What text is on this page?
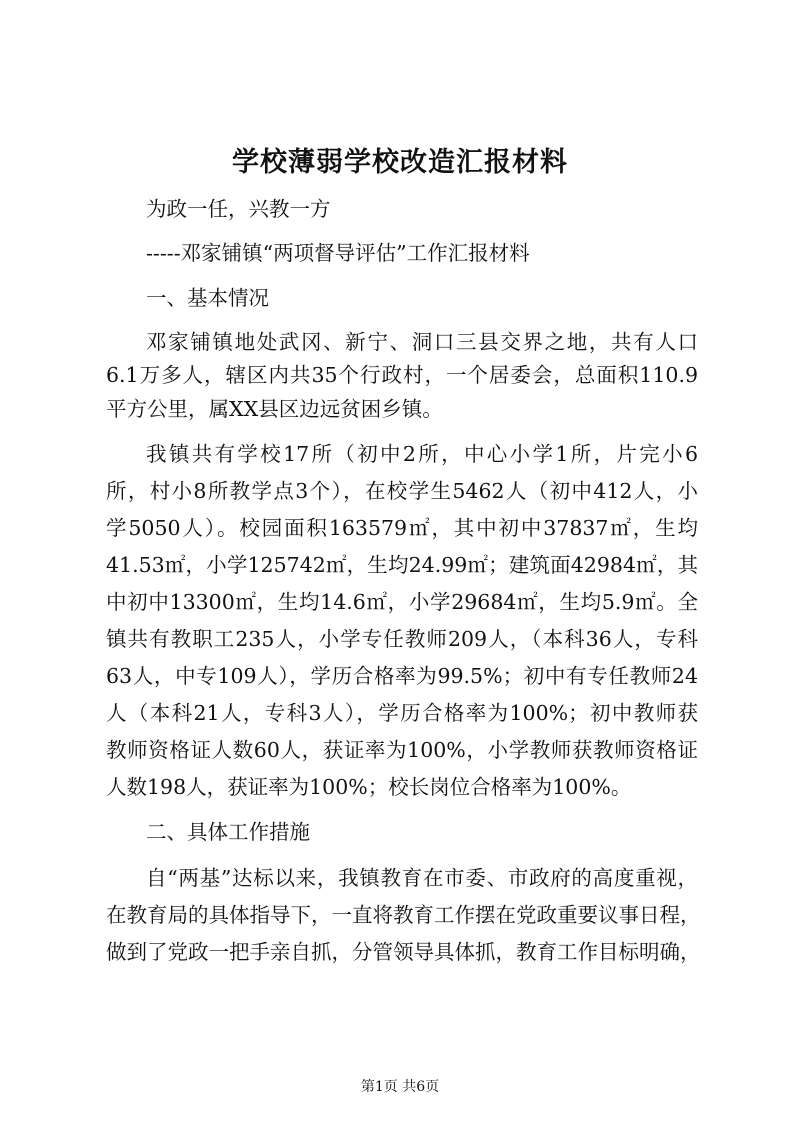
学校薄弱学校改造汇报材料
为政一任，兴教一方
-----邓家铺镇“两项督导评估”工作汇报材料
一、基本情况
邓家铺镇地处武冈、新宁、洞口三县交界之地，共有人口
6.1万多人，辖区内共35个行政村，一个居委会，总面积110.9
平方公里，属XX县区边远贫困乡镇。
我镇共有学校17所（初中2所，中心小学1所，片完小6
所，村小8所教学点3个），在校学生5462人（初中412人，小
学5050人）。校园面积163579㎡，其中初中37837㎡，生均
41.53㎡，小学125742㎡，生均24.99㎡；建筑面42984㎡，其
中初中13300㎡，生均14.6㎡，小学29684㎡，生均5.9㎡。全
镇共有教职工235人，小学专任教师209人，（本科36人，专科
63人，中专109人），学历合格率为99.5%；初中有专任教师24
人（本科21人，专科3人），学历合格率为100%；初中教师获
教师资格证人数60人，获证率为100%，小学教师获教师资格证
人数198人，获证率为100%；校长岗位合格率为100%。
二、具体工作措施
自“两基”达标以来，我镇教育在市委、市政府的高度重视，
在教育局的具体指导下，一直将教育工作摆在党政重要议事日程，
做到了党政一把手亲自抓，分管领导具体抓，教育工作目标明确，
第1页 共6页
